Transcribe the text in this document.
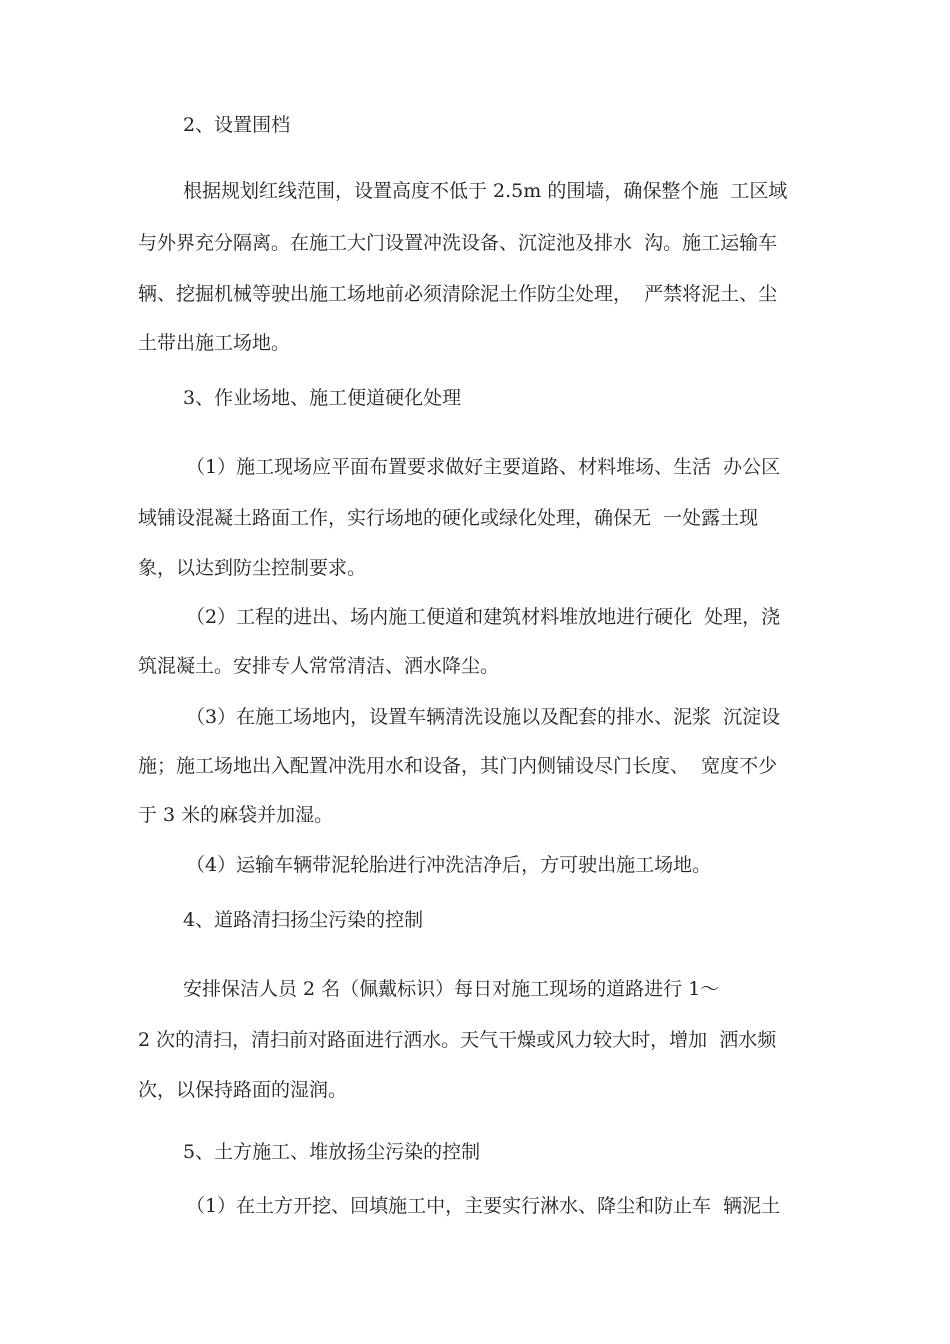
2、设置围档
根据规划红线范围，设置高度不低于 2.5m 的围墙，确保整个施  工区域
与外界充分隔离。在施工大门设置冲洗设备、沉淀池及排水  沟。施工运输车
辆、挖掘机械等驶出施工场地前必须清除泥土作防尘处理，  严禁将泥土、尘
土带出施工场地。
3、作业场地、施工便道硬化处理
（1）施工现场应平面布置要求做好主要道路、材料堆场、生活  办公区
域铺设混凝土路面工作，实行场地的硬化或绿化处理，确保无  一处露土现
象，以达到防尘控制要求。
（2）工程的进出、场内施工便道和建筑材料堆放地进行硬化  处理，浇
筑混凝土。安排专人常常清洁、洒水降尘。
（3）在施工场地内，设置车辆清洗设施以及配套的排水、泥浆  沉淀设
施；施工场地出入配置冲洗用水和设备，其门内侧铺设尽门长度、  宽度不少
于 3 米的麻袋并加湿。
（4）运输车辆带泥轮胎进行冲洗洁净后，方可驶出施工场地。
4、道路清扫扬尘污染的控制
安排保洁人员 2 名（佩戴标识）每日对施工现场的道路进行 1〜
2 次的清扫，清扫前对路面进行洒水。天气干燥或风力较大时，增加  洒水频
次，以保持路面的湿润。
5、土方施工、堆放扬尘污染的控制
（1）在土方开挖、回填施工中，主要实行淋水、降尘和防止车  辆泥土
